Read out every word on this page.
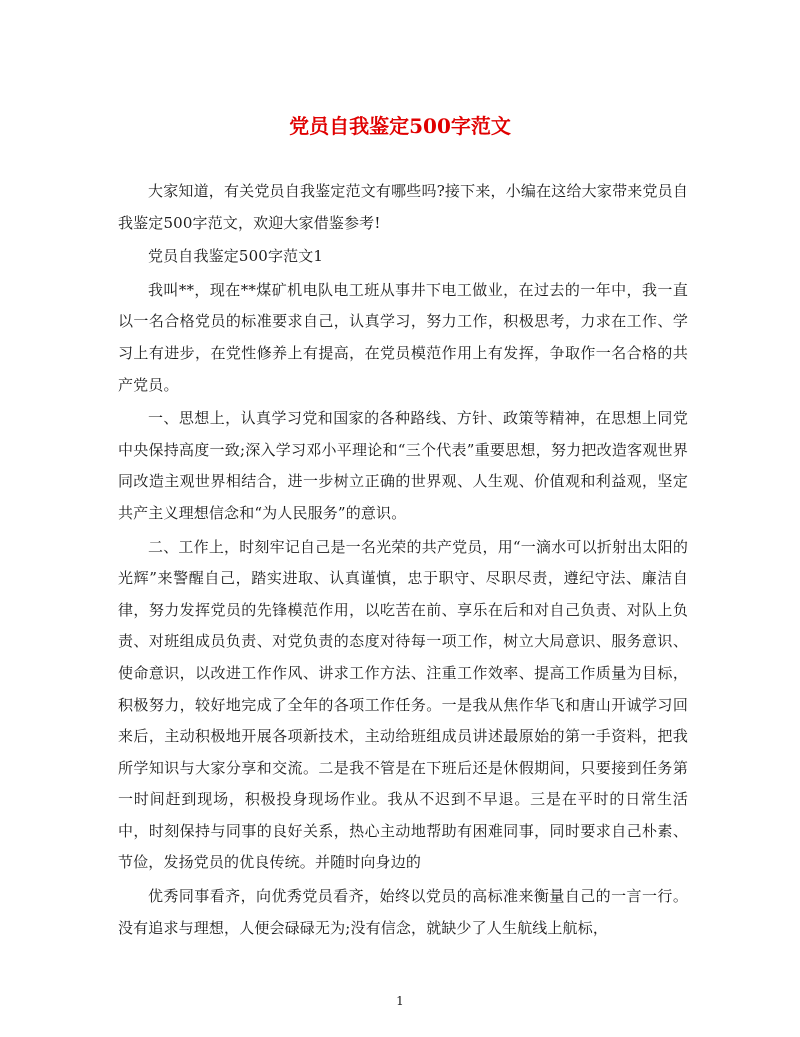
党员自我鉴定500字范文

大家知道，有关党员自我鉴定范文有哪些吗?接下来，小编在这给大家带来党员自我鉴定500字范文，欢迎大家借鉴参考!

党员自我鉴定500字范文1

我叫**，现在**煤矿机电队电工班从事井下电工做业，在过去的一年中，我一直以一名合格党员的标准要求自己，认真学习，努力工作，积极思考，力求在工作、学习上有进步，在党性修养上有提高，在党员模范作用上有发挥，争取作一名合格的共产党员。

一、思想上，认真学习党和国家的各种路线、方针、政策等精神，在思想上同党中央保持高度一致;深入学习邓小平理论和“三个代表”重要思想，努力把改造客观世界同改造主观世界相结合，进一步树立正确的世界观、人生观、价值观和利益观，坚定共产主义理想信念和“为人民服务”的意识。

二、工作上，时刻牢记自己是一名光荣的共产党员，用“一滴水可以折射出太阳的光辉”来警醒自己，踏实进取、认真谨慎，忠于职守、尽职尽责，遵纪守法、廉洁自律，努力发挥党员的先锋模范作用，以吃苦在前、享乐在后和对自己负责、对队上负责、对班组成员负责、对党负责的态度对待每一项工作，树立大局意识、服务意识、使命意识，以改进工作作风、讲求工作方法、注重工作效率、提高工作质量为目标，积极努力，较好地完成了全年的各项工作任务。一是我从焦作华飞和唐山开诚学习回来后，主动积极地开展各项新技术，主动给班组成员讲述最原始的第一手资料，把我所学知识与大家分享和交流。二是我不管是在下班后还是休假期间，只要接到任务第一时间赶到现场，积极投身现场作业。我从不迟到不早退。三是在平时的日常生活中，时刻保持与同事的良好关系，热心主动地帮助有困难同事，同时要求自己朴素、节俭，发扬党员的优良传统。并随时向身边的

优秀同事看齐，向优秀党员看齐，始终以党员的高标准来衡量自己的一言一行。没有追求与理想，人便会碌碌无为;没有信念，就缺少了人生航线上航标，

1
